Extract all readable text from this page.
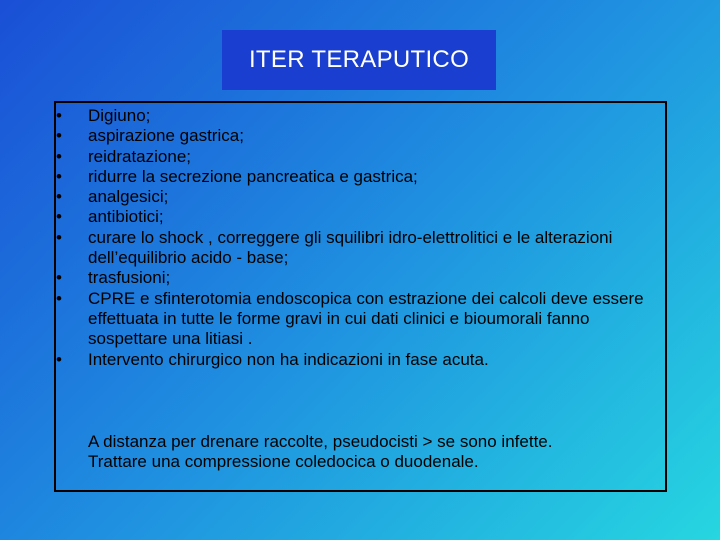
ITER TERAPUTICO
• Digiuno;
• aspirazione gastrica;
• reidratazione;
• ridurre la secrezione pancreatica e gastrica;
• analgesici;
• antibiotici;
• curare lo shock , correggere gli squilibri idro-elettrolitici e le alterazioni dell’equilibrio acido - base;
• trasfusioni;
• CPRE e sfinterotomia endoscopica con estrazione dei calcoli deve essere effettuata in tutte le forme gravi in cui dati clinici e bioumorali fanno sospettare una litiasi .
• Intervento chirurgico non ha indicazioni in fase acuta.
A distanza per drenare raccolte, pseudocisti > se sono infette.
Trattare una compressione coledocica o duodenale.
